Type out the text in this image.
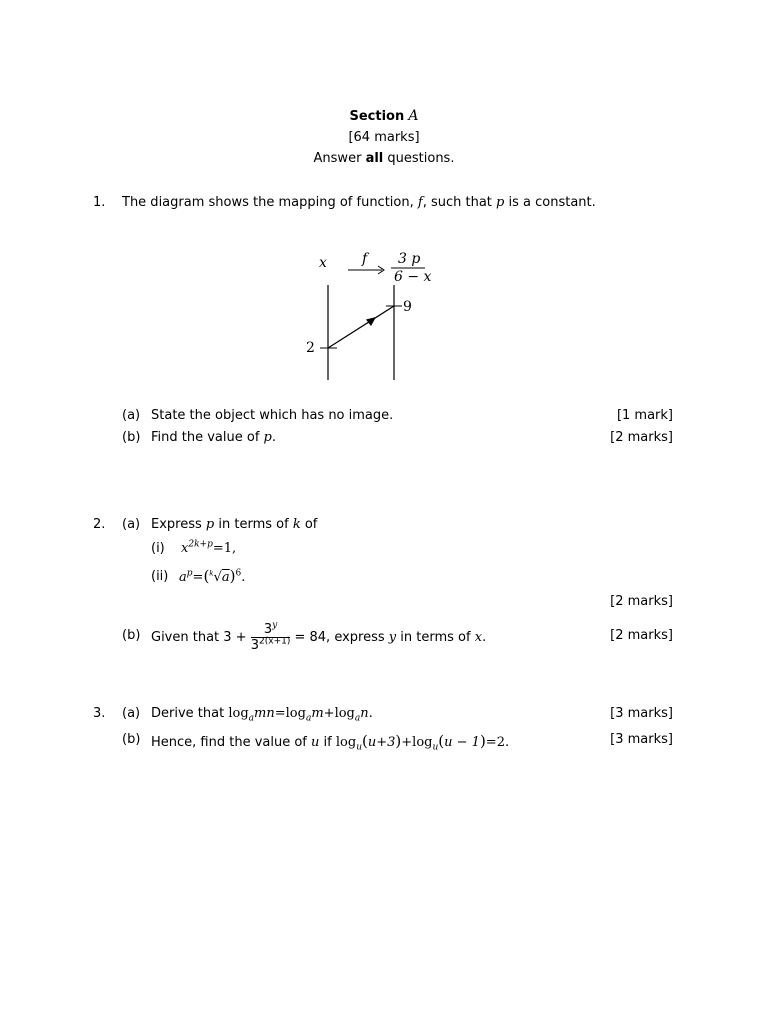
Section A
[64 marks]
Answer all questions.
1. The diagram shows the mapping of function, f, such that p is a constant.
x	f 3 p
6 − x
2
9
(a) State the object which has no image.	[1 mark]
(b) Find the value of p.	[2 marks]
2. (a) Express p in terms of k of
(i) $x^{2k+p}=1$,
(ii) $a^p=(^k√a)^6$.
[2 marks]
(b) Given that 3 +
$\frac{3^y}{3^{2(x+1)}}$
= 84, express
y
in terms of
x .	[2 marks]
3. (a) Derive that $\log_amn=\log_am+\log_an$.	[3 marks]
(b) Hence, find the value of u if $\log_u(u+3)+\log_u(u - 1)=2$.	[3 marks]
